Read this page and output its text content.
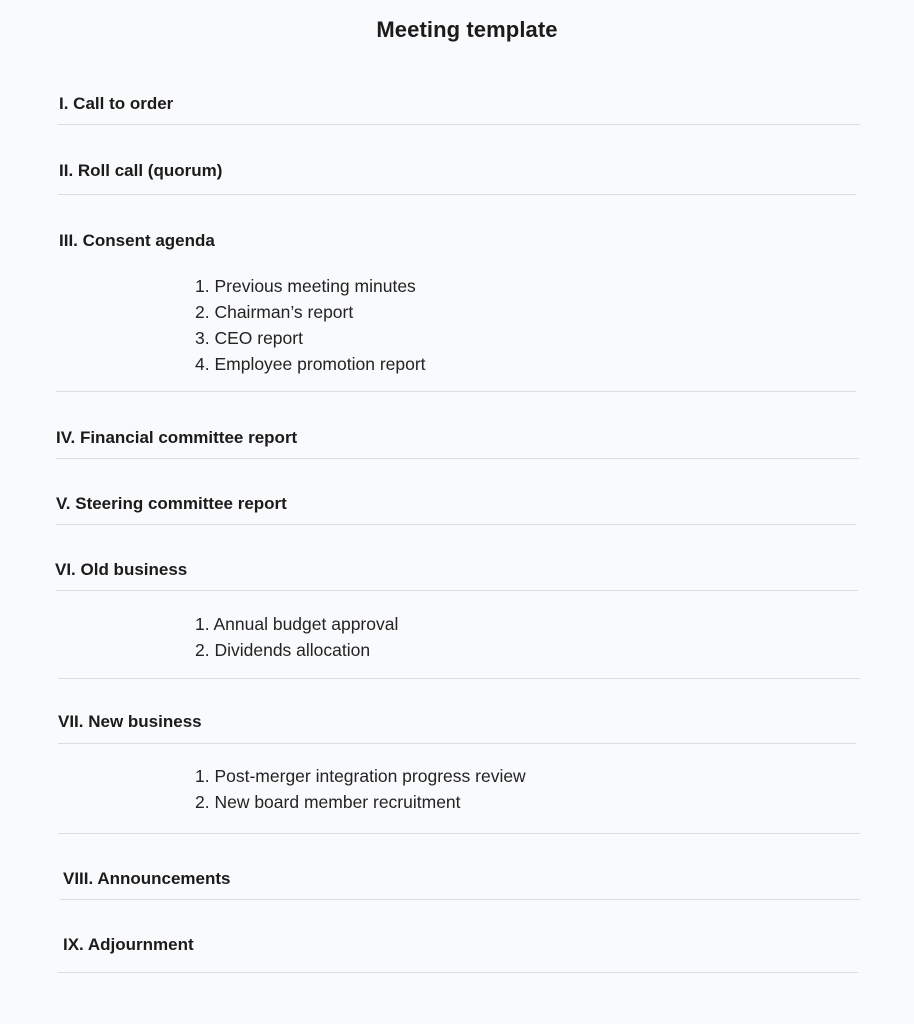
Meeting template
I. Call to order
II. Roll call (quorum)
III. Consent agenda
1. Previous meeting minutes
2. Chairman’s report
3. CEO report
4. Employee promotion report
IV. Financial committee report
V. Steering committee report
VI. Old business
1. Annual budget approval
2. Dividends allocation
VII. New business
1. Post-merger integration progress review
2. New board member recruitment
VIII. Announcements
IX. Adjournment
